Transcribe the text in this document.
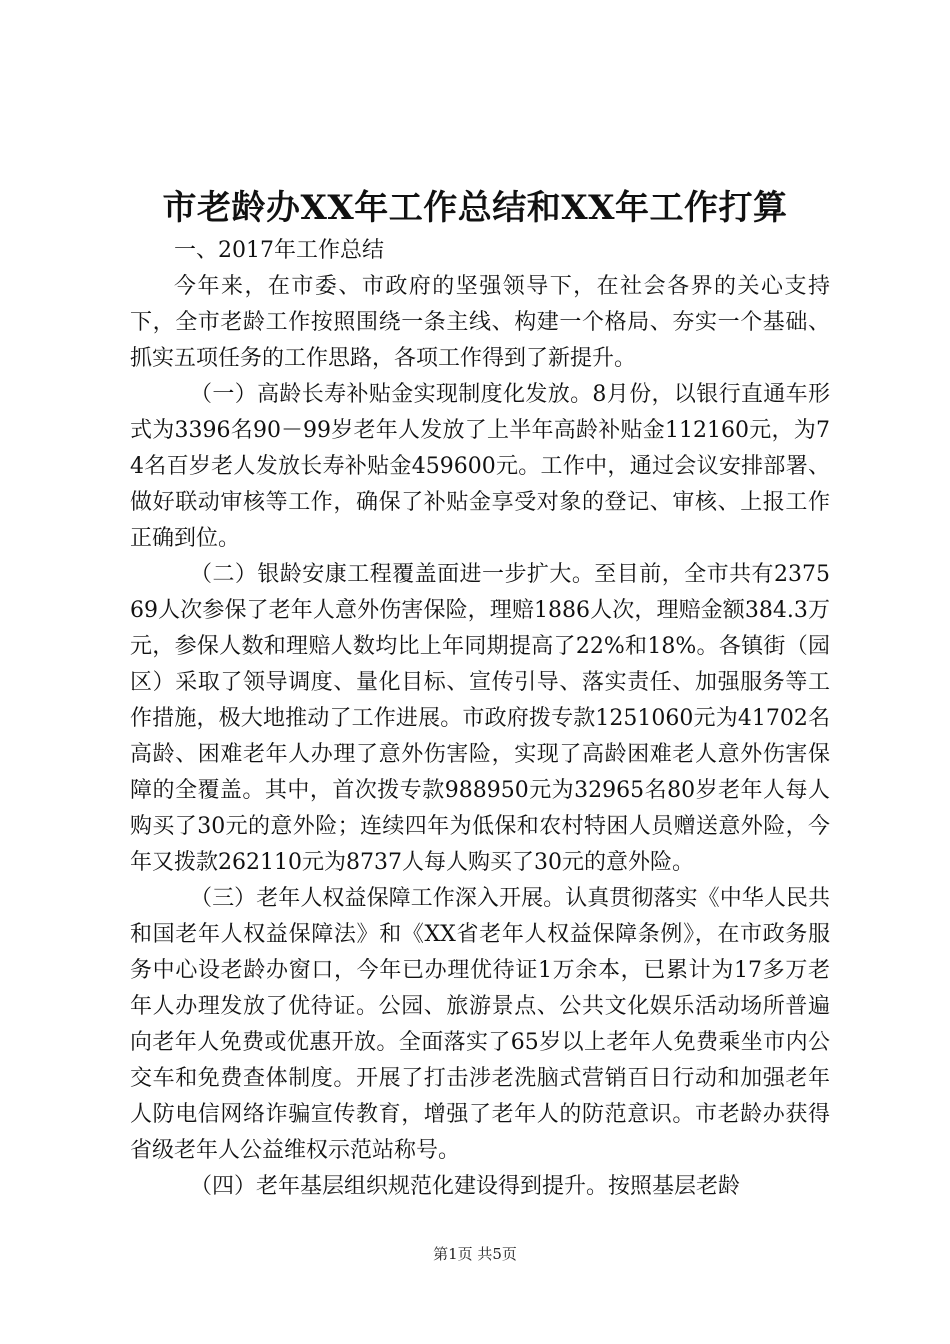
市老龄办XX年工作总结和XX年工作打算

一、2017年工作总结

今年来，在市委、市政府的坚强领导下，在社会各界的关心支持下，全市老龄工作按照围绕一条主线、构建一个格局、夯实一个基础、抓实五项任务的工作思路，各项工作得到了新提升。

（一）高龄长寿补贴金实现制度化发放。8月份，以银行直通车形式为3396名90－99岁老年人发放了上半年高龄补贴金112160元，为74名百岁老人发放长寿补贴金459600元。工作中，通过会议安排部署、做好联动审核等工作，确保了补贴金享受对象的登记、审核、上报工作正确到位。

（二）银龄安康工程覆盖面进一步扩大。至目前，全市共有237569人次参保了老年人意外伤害保险，理赔1886人次，理赔金额384.3万元，参保人数和理赔人数均比上年同期提高了22%和18%。各镇街（园区）采取了领导调度、量化目标、宣传引导、落实责任、加强服务等工作措施，极大地推动了工作进展。市政府拨专款1251060元为41702名高龄、困难老年人办理了意外伤害险，实现了高龄困难老人意外伤害保障的全覆盖。其中，首次拨专款988950元为32965名80岁老年人每人购买了30元的意外险；连续四年为低保和农村特困人员赠送意外险，今年又拨款262110元为8737人每人购买了30元的意外险。

（三）老年人权益保障工作深入开展。认真贯彻落实《中华人民共和国老年人权益保障法》和《XX省老年人权益保障条例》，在市政务服务中心设老龄办窗口，今年已办理优待证1万余本，已累计为17多万老年人办理发放了优待证。公园、旅游景点、公共文化娱乐活动场所普遍向老年人免费或优惠开放。全面落实了65岁以上老年人免费乘坐市内公交车和免费查体制度。开展了打击涉老洗脑式营销百日行动和加强老年人防电信网络诈骗宣传教育，增强了老年人的防范意识。市老龄办获得省级老年人公益维权示范站称号。

（四）老年基层组织规范化建设得到提升。按照基层老龄

第1页 共5页
